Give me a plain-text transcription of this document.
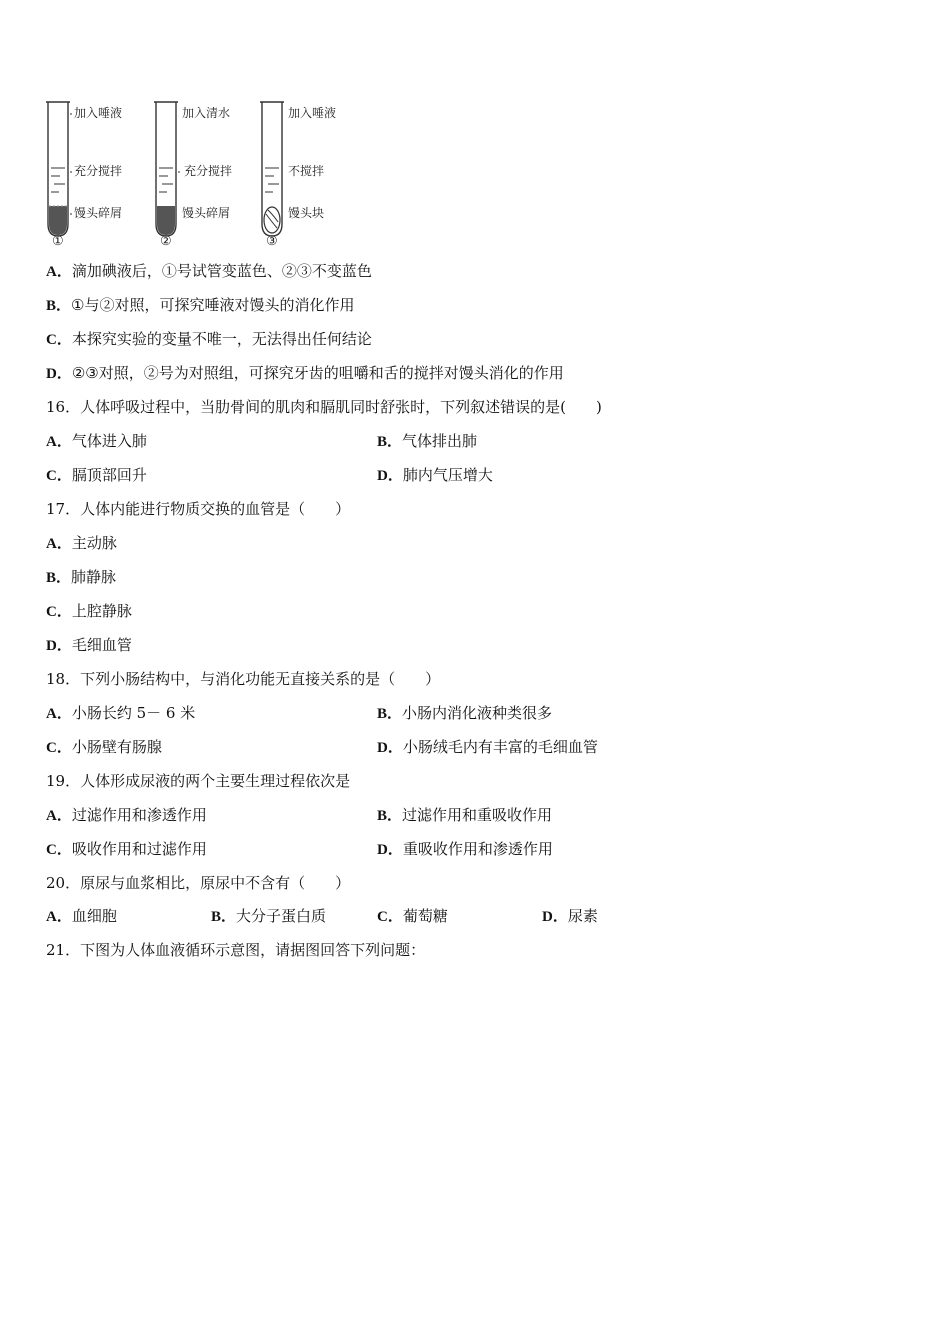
加入唾液
充分搅拌
馒头碎屑
①
加入清水
充分搅拌
馒头碎屑
②
加入唾液
不搅拌
馒头块
③
A．滴加碘液后，①号试管变蓝色、②③不变蓝色
B．①与②对照，可探究唾液对馒头的消化作用
C．本探究实验的变量不唯一，无法得出任何结论
D．②③对照，②号为对照组，可探究牙齿的咀嚼和舌的搅拌对馒头消化的作用
16．人体呼吸过程中，当肋骨间的肌肉和膈肌同时舒张时，下列叙述错误的是(　　)
A．气体进入肺	B．气体排出肺
C．膈顶部回升	D．肺内气压增大
17．人体内能进行物质交换的血管是（　　）
A．主动脉
B．肺静脉
C．上腔静脉
D．毛细血管
18．下列小肠结构中，与消化功能无直接关系的是（　　）
A．小肠长约 5－ 6 米	B．小肠内消化液种类很多
C．小肠壁有肠腺	D．小肠绒毛内有丰富的毛细血管
19．人体形成尿液的两个主要生理过程依次是
A．过滤作用和渗透作用	B．过滤作用和重吸收作用
C．吸收作用和过滤作用	D．重吸收作用和渗透作用
20．原尿与血浆相比，原尿中不含有（　　）
A．血细胞	B．大分子蛋白质	C．葡萄糖	D．尿素
21．下图为人体血液循环示意图，请据图回答下列问题：
